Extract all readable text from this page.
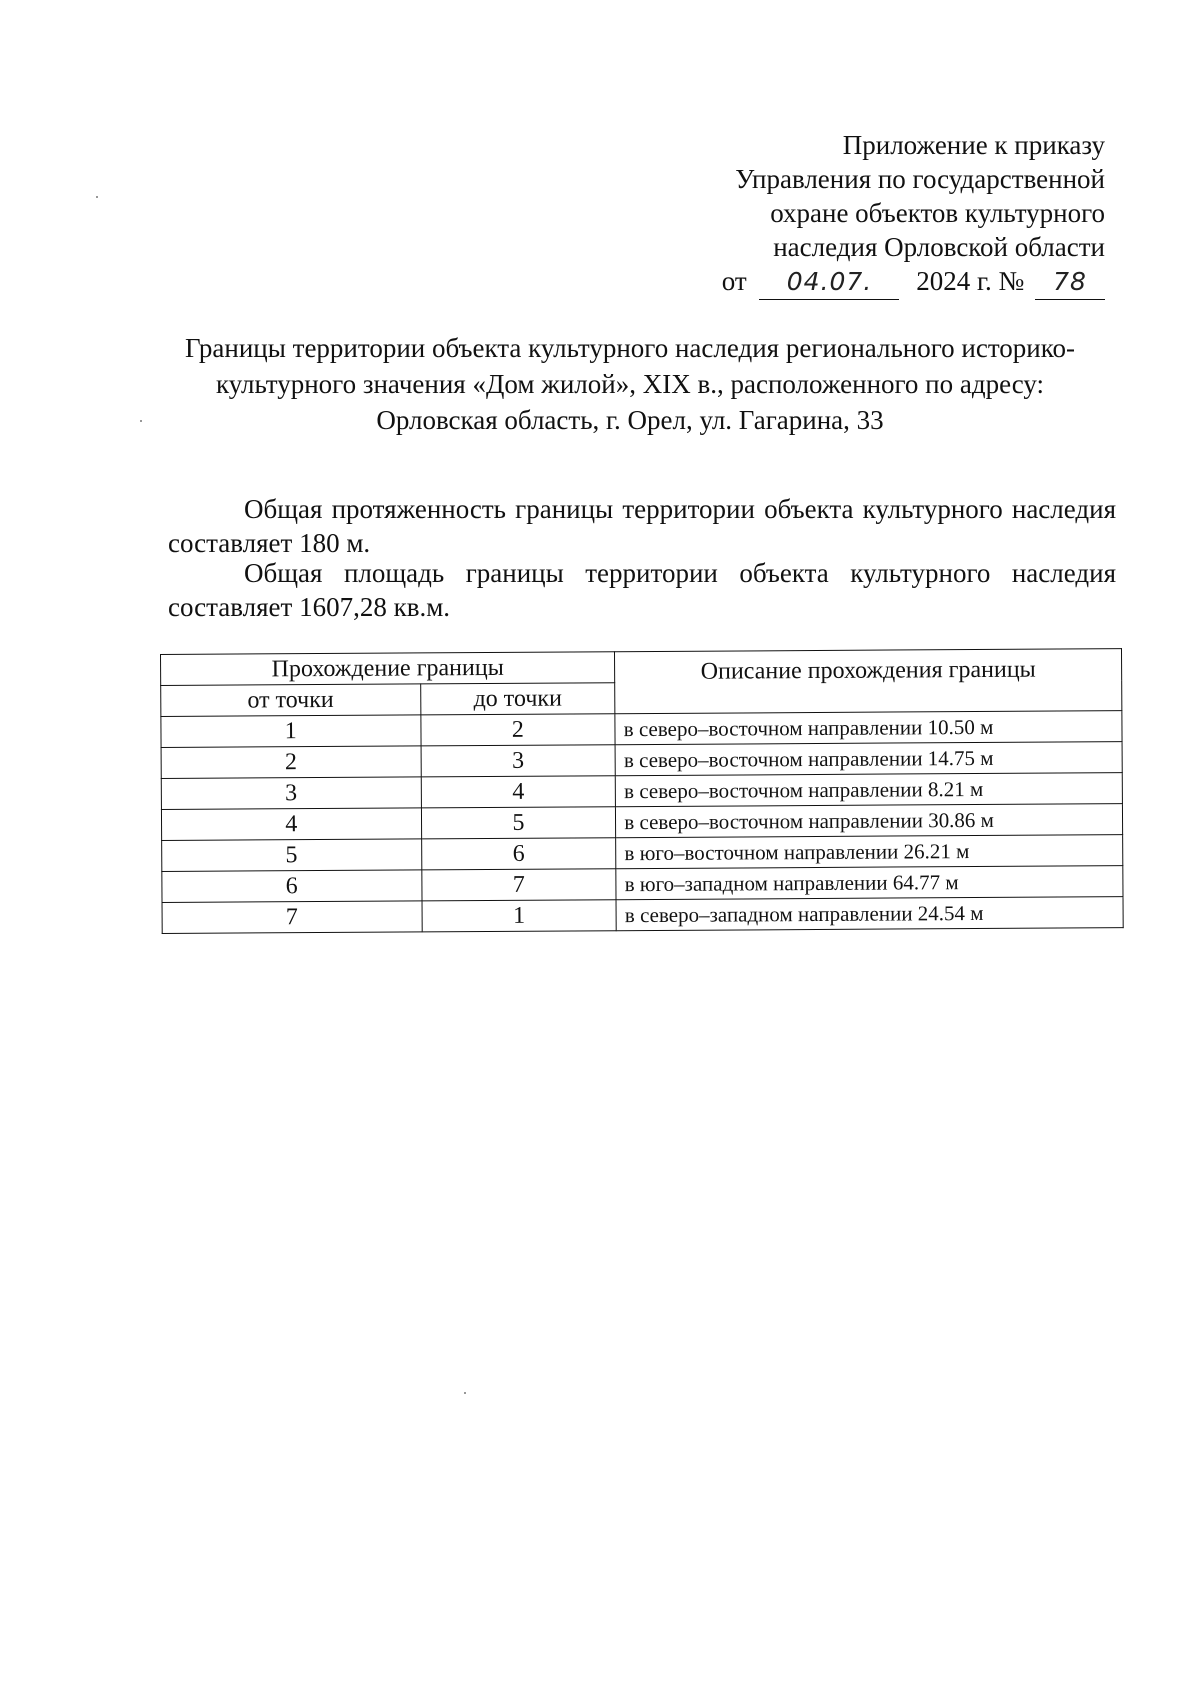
Приложение к приказу
Управления по государственной
охране объектов культурного
наследия Орловской области
от 04.07. 2024 г. № 78
Границы территории объекта культурного наследия регионального историко-
культурного значения «Дом жилой», XIX в., расположенного по адресу:
Орловская область, г. Орел, ул. Гагарина, 33
Общая протяженность границы территории объекта культурного наследия составляет 180 м.
Общая площадь границы территории объекта культурного наследия составляет 1607,28 кв.м.
Прохождение границы		Описание прохождения границы
от точки	до точки	
1	2	в северо–восточном направлении 10.50 м
2	3	в северо–восточном направлении 14.75 м
3	4	в северо–восточном направлении 8.21 м
4	5	в северо–восточном направлении 30.86 м
5	6	в юго–восточном направлении 26.21 м
6	7	в юго–западном направлении 64.77 м
7	1	в северо–западном направлении 24.54 м
